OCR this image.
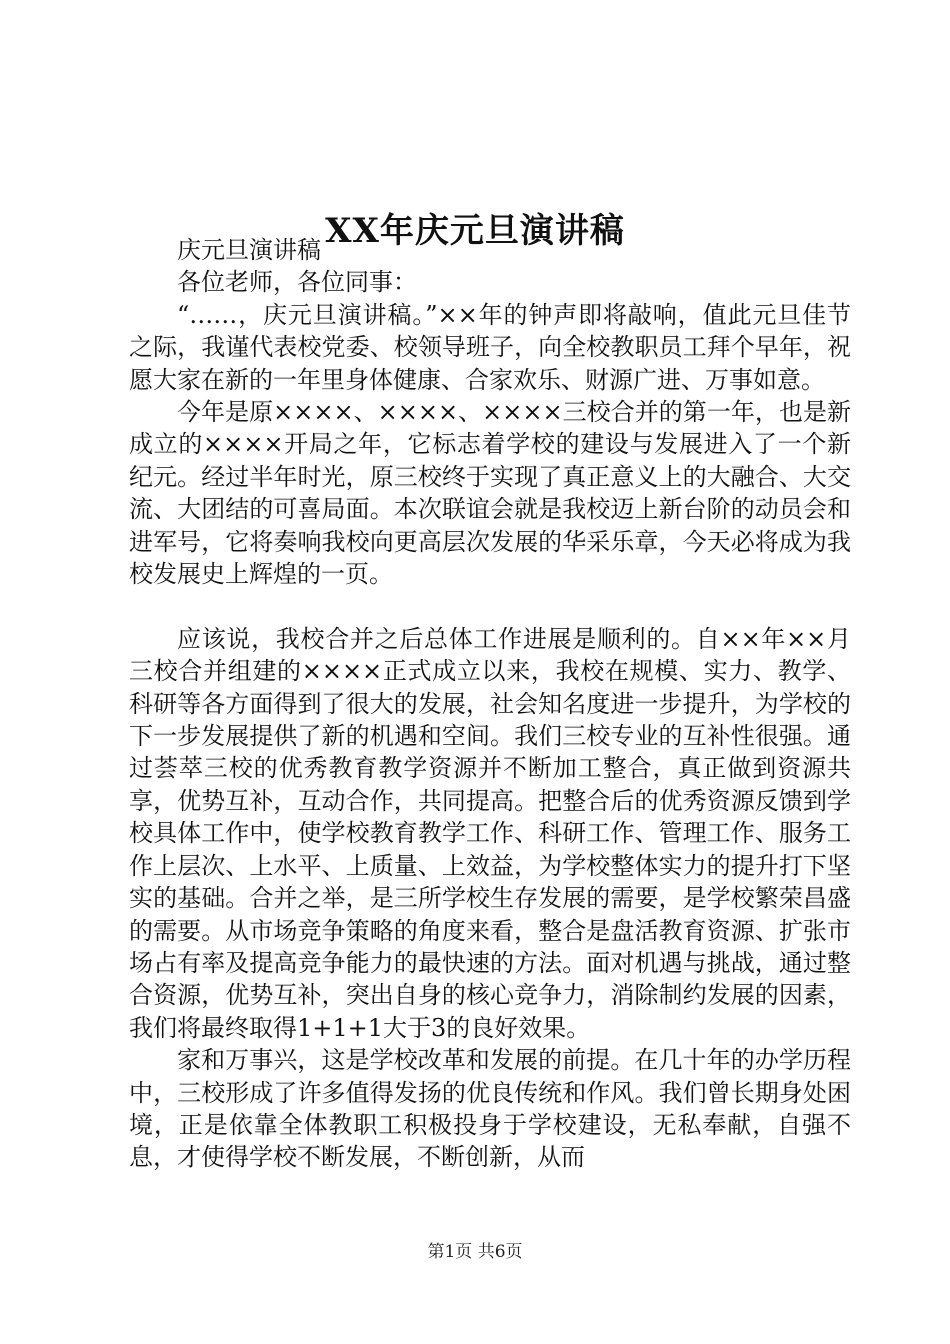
XX年庆元旦演讲稿

庆元旦演讲稿

各位老师，各位同事：

“……，庆元旦演讲稿。”××年的钟声即将敲响，值此元旦佳节之际，我谨代表校党委、校领导班子，向全校教职员工拜个早年，祝愿大家在新的一年里身体健康、合家欢乐、财源广进、万事如意。

今年是原××××、××××、××××三校合并的第一年，也是新成立的××××开局之年，它标志着学校的建设与发展进入了一个新纪元。经过半年时光，原三校终于实现了真正意义上的大融合、大交流、大团结的可喜局面。本次联谊会就是我校迈上新台阶的动员会和进军号，它将奏响我校向更高层次发展的华采乐章，今天必将成为我校发展史上辉煌的一页。

应该说，我校合并之后总体工作进展是顺利的。自××年××月三校合并组建的××××正式成立以来，我校在规模、实力、教学、科研等各方面得到了很大的发展，社会知名度进一步提升，为学校的下一步发展提供了新的机遇和空间。我们三校专业的互补性很强。通过荟萃三校的优秀教育教学资源并不断加工整合，真正做到资源共享，优势互补，互动合作，共同提高。把整合后的优秀资源反馈到学校具体工作中，使学校教育教学工作、科研工作、管理工作、服务工作上层次、上水平、上质量、上效益，为学校整体实力的提升打下坚实的基础。合并之举，是三所学校生存发展的需要，是学校繁荣昌盛的需要。从市场竞争策略的角度来看，整合是盘活教育资源、扩张市场占有率及提高竞争能力的最快速的方法。面对机遇与挑战，通过整合资源，优势互补，突出自身的核心竞争力，消除制约发展的因素，我们将最终取得1+1+1大于3的良好效果。

家和万事兴，这是学校改革和发展的前提。在几十年的办学历程中，三校形成了许多值得发扬的优良传统和作风。我们曾长期身处困境，正是依靠全体教职工积极投身于学校建设，无私奉献，自强不息，才使得学校不断发展，不断创新，从而

第1页 共6页
